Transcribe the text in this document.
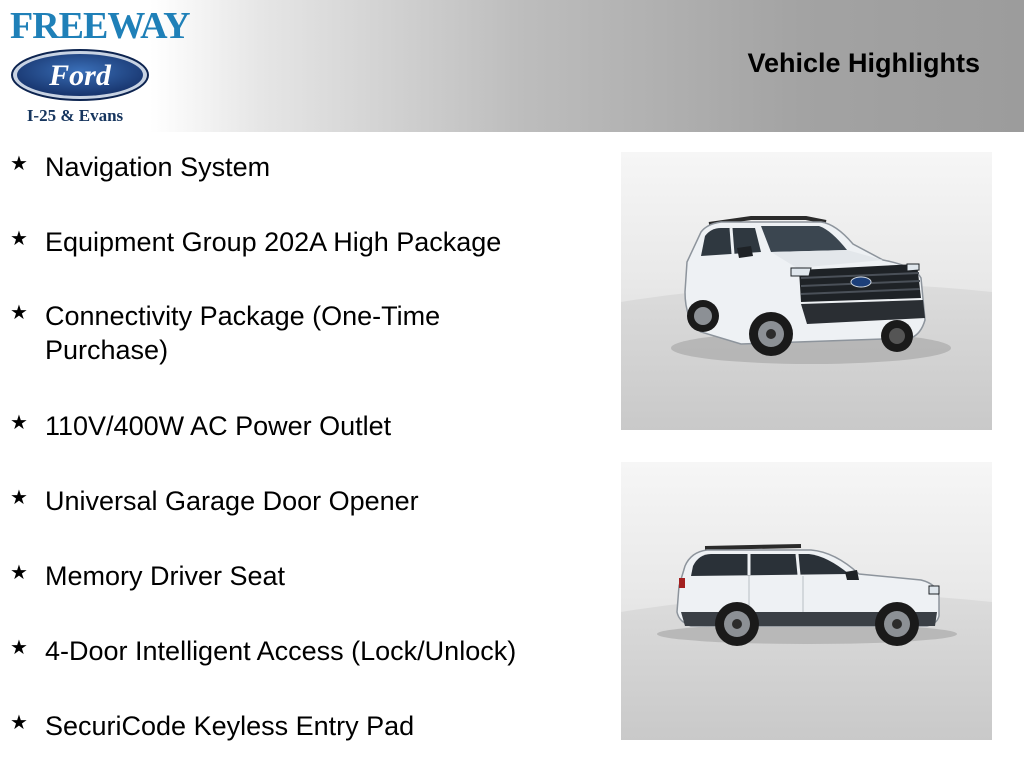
FREEWAY
Ford
I-25 & Evans
Vehicle Highlights
★ Navigation System
★ Equipment Group 202A High Package
★ Connectivity Package (One-Time Purchase)
★ 110V/400W AC Power Outlet
★ Universal Garage Door Opener
★ Memory Driver Seat
★ 4-Door Intelligent Access (Lock/Unlock)
★ SecuriCode Keyless Entry Pad
